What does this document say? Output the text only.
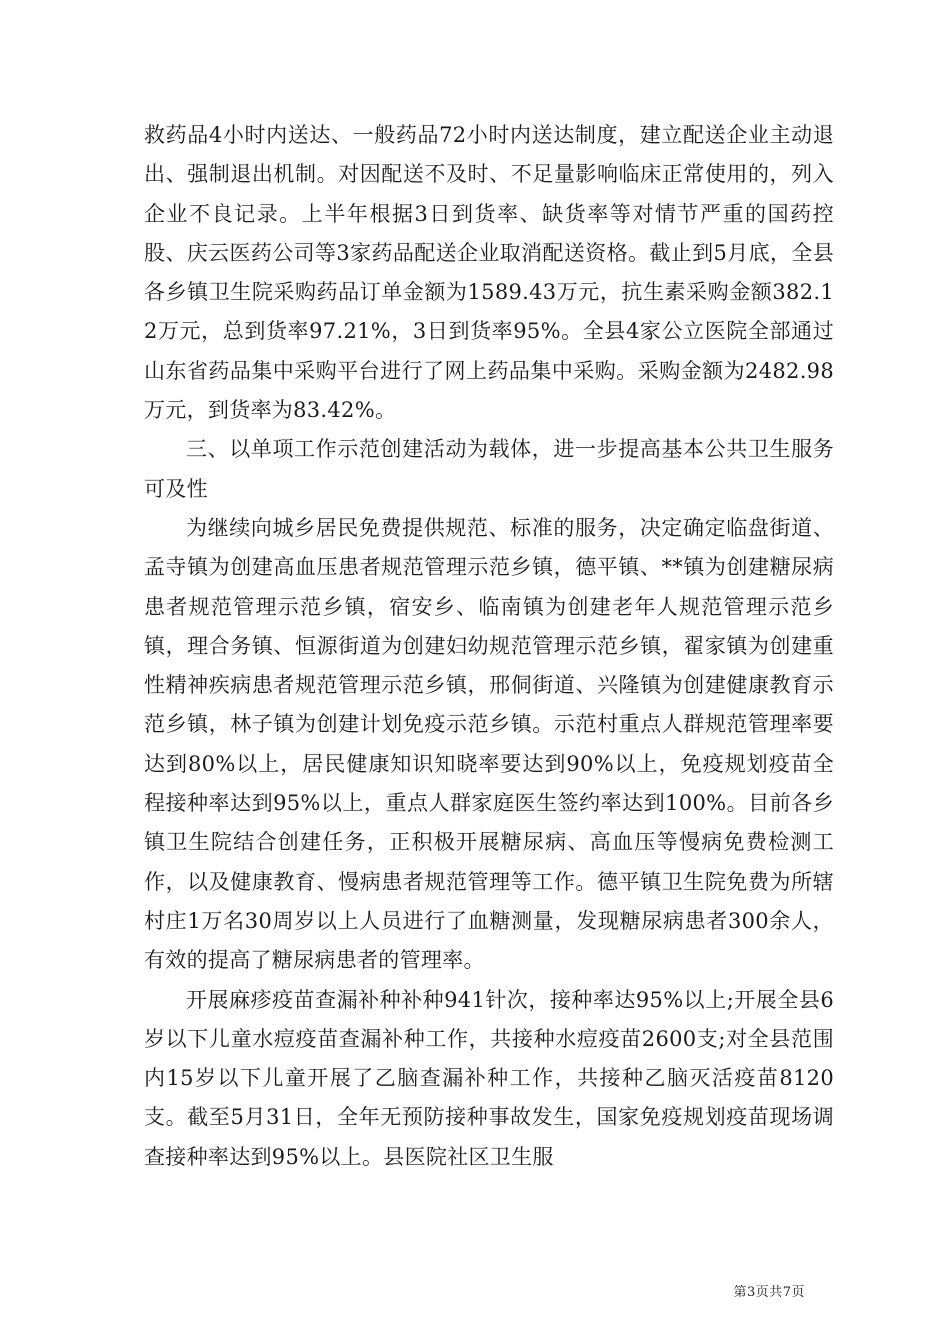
救药品4小时内送达、一般药品72小时内送达制度，建立配送企业主动退出、强制退出机制。对因配送不及时、不足量影响临床正常使用的，列入企业不良记录。上半年根据3日到货率、缺货率等对情节严重的国药控股、庆云医药公司等3家药品配送企业取消配送资格。截止到5月底，全县各乡镇卫生院采购药品订单金额为1589.43万元，抗生素采购金额382.12万元，总到货率97.21%，3日到货率95%。全县4家公立医院全部通过山东省药品集中采购平台进行了网上药品集中采购。采购金额为2482.98万元，到货率为83.42%。

三、以单项工作示范创建活动为载体，进一步提高基本公共卫生服务可及性

为继续向城乡居民免费提供规范、标准的服务，决定确定临盘街道、孟寺镇为创建高血压患者规范管理示范乡镇，德平镇、**镇为创建糖尿病患者规范管理示范乡镇，宿安乡、临南镇为创建老年人规范管理示范乡镇，理合务镇、恒源街道为创建妇幼规范管理示范乡镇，翟家镇为创建重性精神疾病患者规范管理示范乡镇，邢侗街道、兴隆镇为创建健康教育示范乡镇，林子镇为创建计划免疫示范乡镇。示范村重点人群规范管理率要达到80%以上，居民健康知识知晓率要达到90%以上，免疫规划疫苗全程接种率达到95%以上，重点人群家庭医生签约率达到100%。目前各乡镇卫生院结合创建任务，正积极开展糖尿病、高血压等慢病免费检测工作，以及健康教育、慢病患者规范管理等工作。德平镇卫生院免费为所辖村庄1万名30周岁以上人员进行了血糖测量，发现糖尿病患者300余人，有效的提高了糖尿病患者的管理率。

开展麻疹疫苗查漏补种补种941针次，接种率达95%以上;开展全县6岁以下儿童水痘疫苗查漏补种工作，共接种水痘疫苗2600支;对全县范围内15岁以下儿童开展了乙脑查漏补种工作，共接种乙脑灭活疫苗8120支。截至5月31日，全年无预防接种事故发生，国家免疫规划疫苗现场调查接种率达到95%以上。县医院社区卫生服

第3页共7页
